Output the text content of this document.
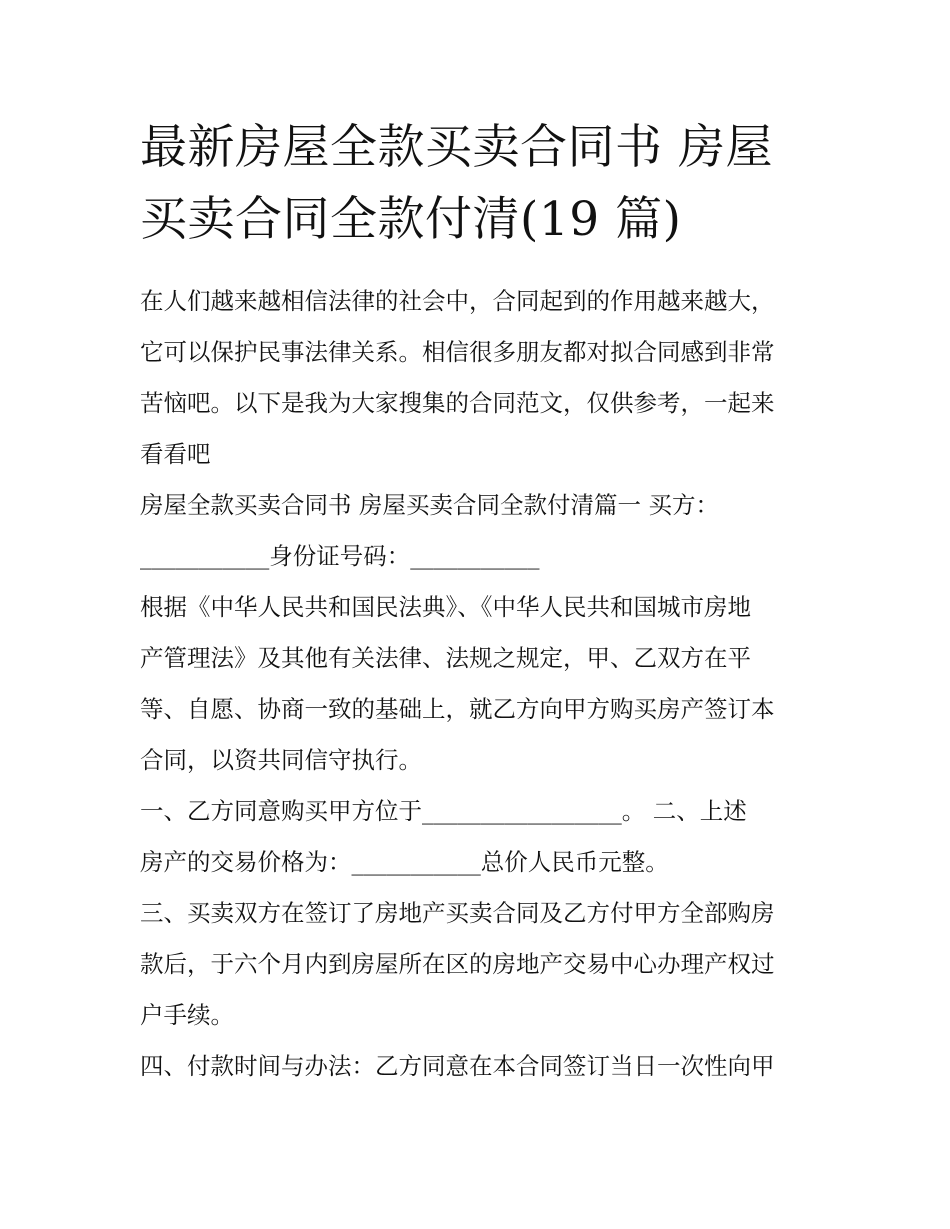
最新房屋全款买卖合同书 房屋
买卖合同全款付清(19 篇)
在人们越来越相信法律的社会中，合同起到的作用越来越大，
它可以保护民事法律关系。相信很多朋友都对拟合同感到非常
苦恼吧。以下是我为大家搜集的合同范文，仅供参考，一起来
看看吧
房屋全款买卖合同书 房屋买卖合同全款付清篇一 买方：
___________身份证号码：___________
根据《中华人民共和国民法典》、《中华人民共和国城市房地
产管理法》及其他有关法律、法规之规定，甲、乙双方在平
等、自愿、协商一致的基础上，就乙方向甲方购买房产签订本
合同，以资共同信守执行。
一、乙方同意购买甲方位于_________________。 二、上述
房产的交易价格为：___________总价人民币元整。
三、买卖双方在签订了房地产买卖合同及乙方付甲方全部购房
款后，于六个月内到房屋所在区的房地产交易中心办理产权过
户手续。
四、付款时间与办法：乙方同意在本合同签订当日一次性向甲
